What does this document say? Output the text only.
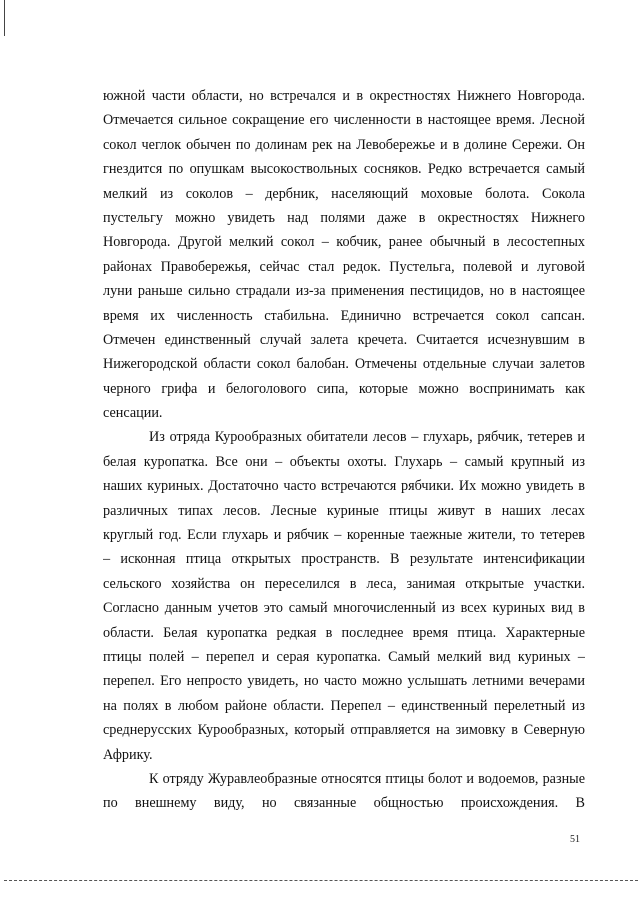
южной части области, но встречался и в окрестностях Нижнего Новгорода.
Отмечается сильное сокращение его численности в настоящее время. Лесной
сокол чеглок обычен по долинам рек на Левобережье и в долине Сережи. Он
гнездится по опушкам высокоствольных сосняков. Редко встречается самый
мелкий из соколов – дербник, населяющий моховые болота. Сокола
пустельгу можно увидеть над полями даже в окрестностях Нижнего
Новгорода. Другой мелкий сокол – кобчик, ранее обычный в лесостепных
районах Правобережья, сейчас стал редок. Пустельга, полевой и луговой
луни раньше сильно страдали из-за применения пестицидов, но в настоящее
время их численность стабильна. Единично встречается сокол сапсан.
Отмечен единственный случай залета кречета. Считается исчезнувшим в
Нижегородской области сокол балобан. Отмечены отдельные случаи залетов
черного грифа и белоголового сипа, которые можно воспринимать как
сенсации.
Из отряда Курообразных обитатели лесов – глухарь, рябчик, тетерев и
белая куропатка. Все они – объекты охоты. Глухарь – самый крупный из
наших куриных. Достаточно часто встречаются рябчики. Их можно увидеть в
различных типах лесов. Лесные куриные птицы живут в наших лесах
круглый год. Если глухарь и рябчик – коренные таежные жители, то тетерев
– исконная птица открытых пространств. В результате интенсификации
сельского хозяйства он переселился в леса, занимая открытые участки.
Согласно данным учетов это самый многочисленный из всех куриных вид в
области. Белая куропатка редкая в последнее время птица. Характерные
птицы полей – перепел и серая куропатка. Самый мелкий вид куриных –
перепел. Его непросто увидеть, но часто можно услышать летними вечерами
на полях в любом районе области. Перепел – единственный перелетный из
среднерусских Курообразных, который отправляется на зимовку в Северную
Африку.
К отряду Журавлеобразные относятся птицы болот и водоемов, разные
по внешнему виду, но связанные общностью происхождения. В
51
